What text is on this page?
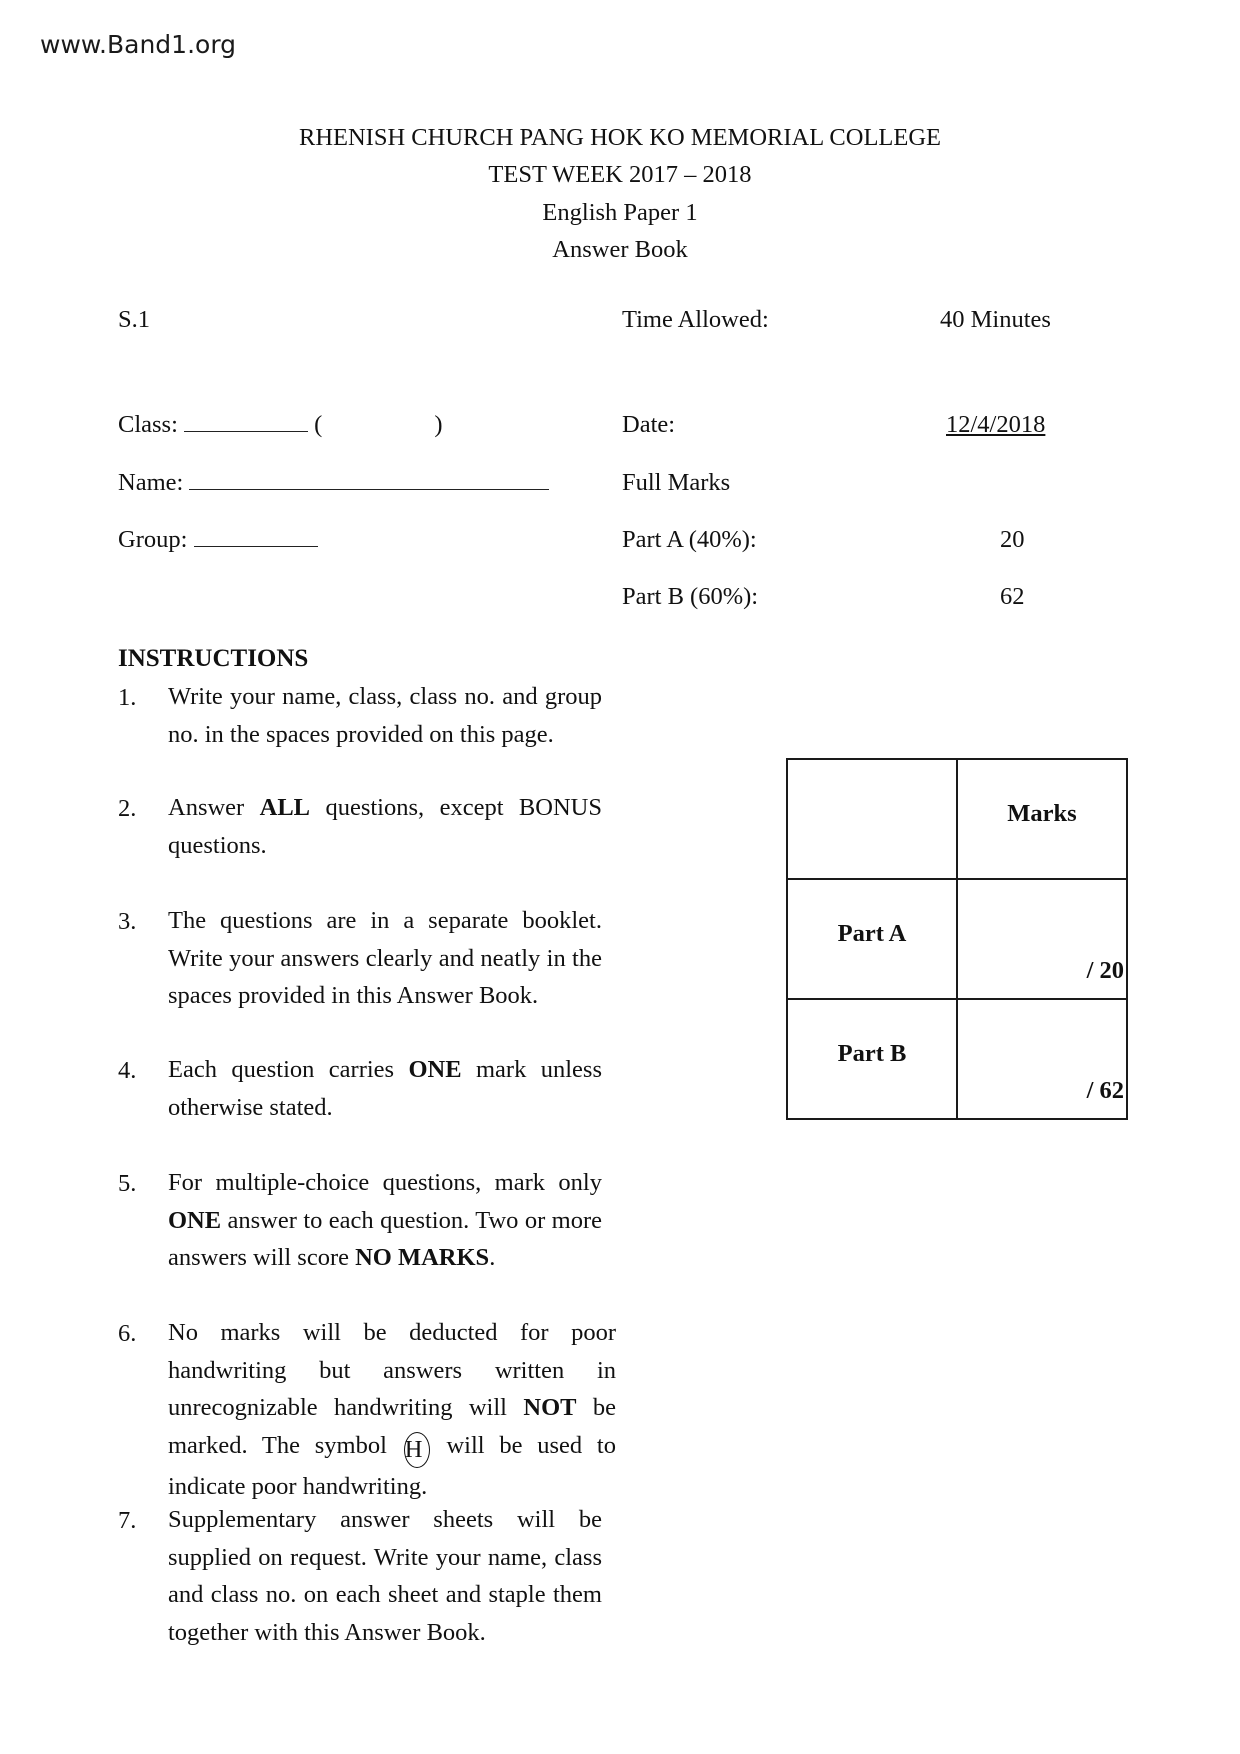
www.Band1.org
RHENISH CHURCH PANG HOK KO MEMORIAL COLLEGE
TEST WEEK 2017 – 2018
English Paper 1
Answer Book
S.1	Time Allowed:	40 Minutes
Class:	(	)	Date:	12/4/2018
Name:	Full Marks
Group:	Part A (40%):	20
Part B (60%):	62
INSTRUCTIONS
1. Write your name, class, class no. and group no. in the spaces provided on this page.
2. Answer ALL questions, except BONUS questions.
3. The questions are in a separate booklet. Write your answers clearly and neatly in the spaces provided in this Answer Book.
4. Each question carries ONE mark unless otherwise stated.
5. For multiple-choice questions, mark only ONE answer to each question. Two or more answers will score NO MARKS.
6. No marks will be deducted for poor handwriting but answers written in unrecognizable handwriting will NOT be marked. The symbol H will be used to indicate poor handwriting.
7. Supplementary answer sheets will be supplied on request. Write your name, class and class no. on each sheet and staple them together with this Answer Book.

	Marks

Part A	/ 20

Part B	/ 62
